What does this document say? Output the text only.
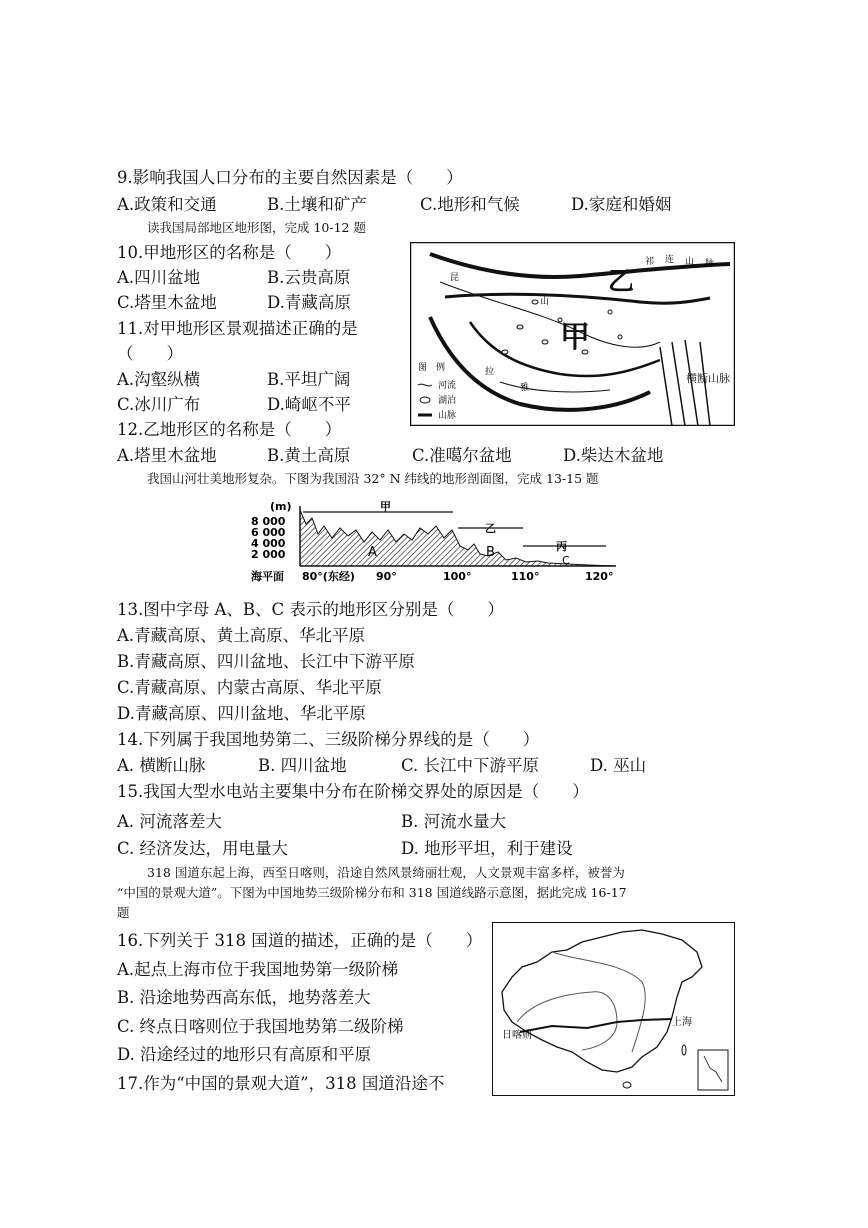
9.影响我国人口分布的主要自然因素是（　　）
A.政策和交通	B.土壤和矿产	C.地形和气候	D.家庭和婚姻
读我国局部地区地形图，完成 10-12 题
10.甲地形区的名称是（　　）
A.四川盆地	B.云贵高原
C.塔里木盆地	D.青藏高原
11.对甲地形区景观描述正确的是
（　　）
A.沟壑纵横	B.平坦广阔
C.冰川广布	D.崎岖不平
12.乙地形区的名称是（　　）
A.塔里木盆地	B.黄土高原	C.准噶尔盆地	D.柴达木盆地
乙
甲
横断山脉
昆
山
拉
雅
祁 连 山 脉
图　例
河流
湖泊
山脉
我国山河壮美地形复杂。下图为我国沿 32° N 纬线的地形剖面图，完成 13-15 题
(m)
8 000
6 000
4 000
2 000
甲
乙
丙
A	B
C
海平面 80°(东经) 90°	100°	110°	120°
13.图中字母 A、B、C 表示的地形区分别是（　　）
A.青藏高原、黄土高原、华北平原
B.青藏高原、四川盆地、长江中下游平原
C.青藏高原、内蒙古高原、华北平原
D.青藏高原、四川盆地、华北平原
14.下列属于我国地势第二、三级阶梯分界线的是（　　）
A. 横断山脉	B. 四川盆地	C. 长江中下游平原	D. 巫山
15.我国大型水电站主要集中分布在阶梯交界处的原因是（　　）
A. 河流落差大	B. 河流水量大
C. 经济发达，用电量大	D. 地形平坦，利于建设
318 国道东起上海，西至日喀则，沿途自然风景绮丽壮观，人文景观丰富多样，被誉为
“中国的景观大道”。下图为中国地势三级阶梯分布和 318 国道线路示意图，据此完成 16-17
题
16.下列关于 318 国道的描述，正确的是（　　）
A.起点上海市位于我国地势第一级阶梯
B. 沿途地势西高东低，地势落差大
C. 终点日喀则位于我国地势第二级阶梯
D. 沿途经过的地形只有高原和平原
17.作为“中国的景观大道”，318 国道沿途不
上海
日喀则
